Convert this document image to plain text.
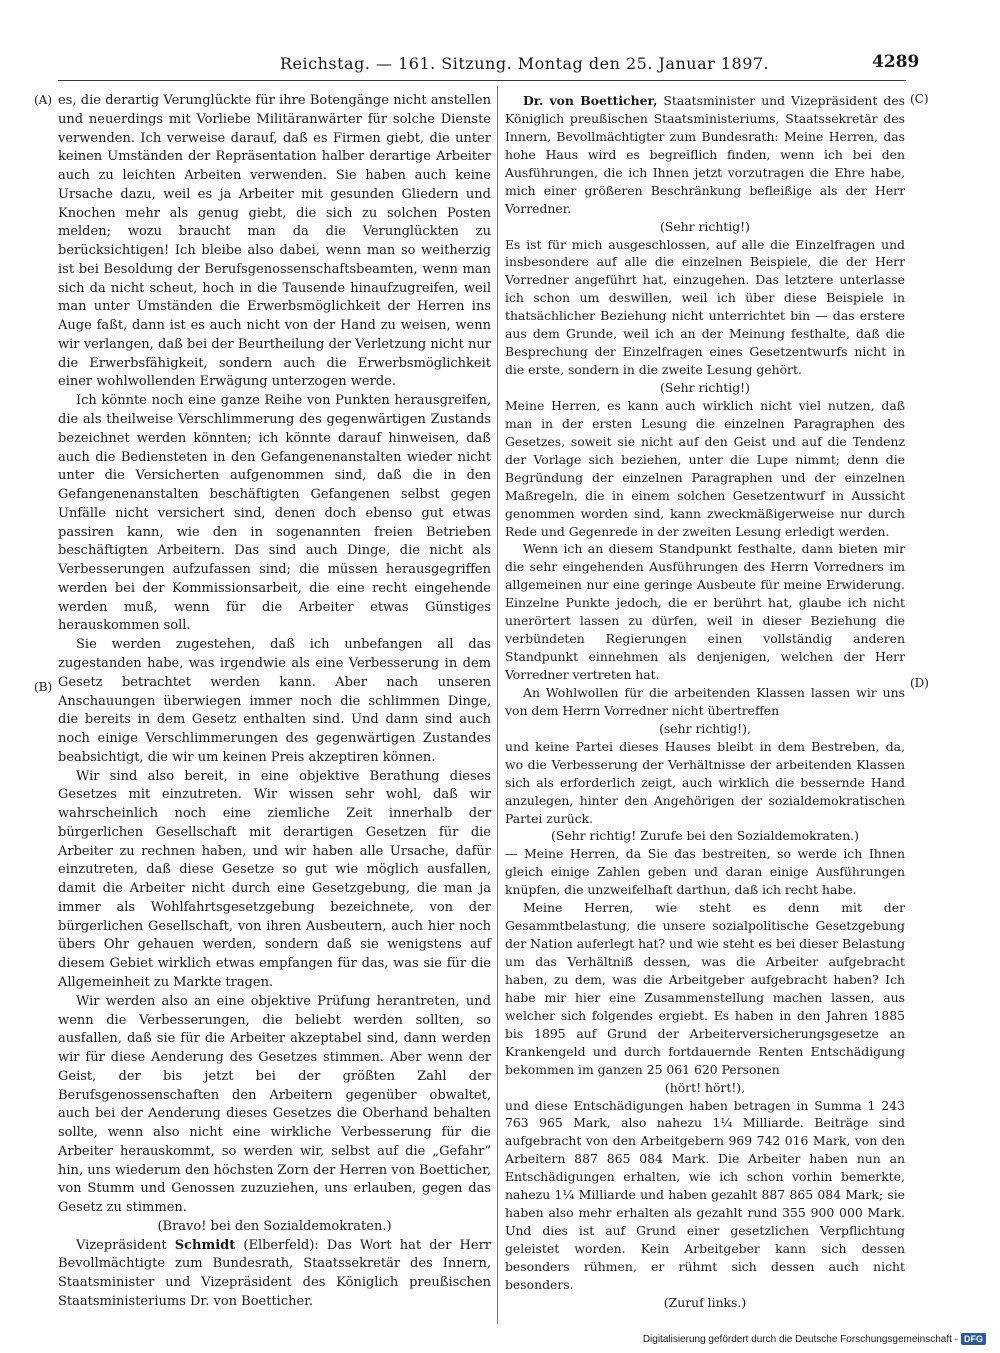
Reichstag. — 161. Sitzung. Montag den 25. Januar 1897.	4289
(A)
(B)
(C)
(D)

es, die derartig Verunglückte für ihre Botengänge nicht anstellen und neuerdings mit Vorliebe Militäranwärter für solche Dienste verwenden. Ich verweise darauf, daß es Firmen giebt, die unter keinen Umständen der Repräsentation halber derartige Arbeiter auch zu leichten Arbeiten verwenden. Sie haben auch keine Ursache dazu, weil es ja Arbeiter mit gesunden Gliedern und Knochen mehr als genug giebt, die sich zu solchen Posten melden; wozu braucht man da die Verunglückten zu berücksichtigen! Ich bleibe also dabei, wenn man so weitherzig ist bei Besoldung der Berufsgenossenschaftsbeamten, wenn man sich da nicht scheut, hoch in die Tausende hinaufzugreifen, weil man unter Umständen die Erwerbsmöglichkeit der Herren ins Auge faßt, dann ist es auch nicht von der Hand zu weisen, wenn wir verlangen, daß bei der Beurtheilung der Verletzung nicht nur die Erwerbsfähigkeit, sondern auch die Erwerbsmöglichkeit einer wohlwollenden Erwägung unterzogen werde.

Ich könnte noch eine ganze Reihe von Punkten herausgreifen, die als theilweise Verschlimmerung des gegenwärtigen Zustands bezeichnet werden könnten; ich könnte darauf hinweisen, daß auch die Bediensteten in den Gefangenenanstalten wieder nicht unter die Versicherten aufgenommen sind, daß die in den Gefangenenanstalten beschäftigten Gefangenen selbst gegen Unfälle nicht versichert sind, denen doch ebenso gut etwas passiren kann, wie den in sogenannten freien Betrieben beschäftigten Arbeitern. Das sind auch Dinge, die nicht als Verbesserungen aufzufassen sind; die müssen herausgegriffen werden bei der Kommissionsarbeit, die eine recht eingehende werden muß, wenn für die Arbeiter etwas Günstiges herauskommen soll.

Sie werden zugestehen, daß ich unbefangen all das zugestanden habe, was irgendwie als eine Verbesserung in dem Gesetz betrachtet werden kann. Aber nach unseren Anschauungen überwiegen immer noch die schlimmen Dinge, die bereits in dem Gesetz enthalten sind. Und dann sind auch noch einige Verschlimmerungen des gegenwärtigen Zustandes beabsichtigt, die wir um keinen Preis akzeptiren können.

Wir sind also bereit, in eine objektive Berathung dieses Gesetzes mit einzutreten. Wir wissen sehr wohl, daß wir wahrscheinlich noch eine ziemliche Zeit innerhalb der bürgerlichen Gesellschaft mit derartigen Gesetzen für die Arbeiter zu rechnen haben, und wir haben alle Ursache, dafür einzutreten, daß diese Gesetze so gut wie möglich ausfallen, damit die Arbeiter nicht durch eine Gesetzgebung, die man ja immer als Wohlfahrtsgesetzgebung bezeichnete, von der bürgerlichen Gesellschaft, von ihren Ausbeutern, auch hier noch übers Ohr gehauen werden, sondern daß sie wenigstens auf diesem Gebiet wirklich etwas empfangen für das, was sie für die Allgemeinheit zu Markte tragen.

Wir werden also an eine objektive Prüfung herantreten, und wenn die Verbesserungen, die beliebt werden sollten, so ausfallen, daß sie für die Arbeiter akzeptabel sind, dann werden wir für diese Aenderung des Gesetzes stimmen. Aber wenn der Geist, der bis jetzt bei der größten Zahl der Berufsgenossenschaften den Arbeitern gegenüber obwaltet, auch bei der Aenderung dieses Gesetzes die Oberhand behalten sollte, wenn also nicht eine wirkliche Verbesserung für die Arbeiter herauskommt, so werden wir, selbst auf die „Gefahr“ hin, uns wiederum den höchsten Zorn der Herren von Boetticher, von Stumm und Genossen zuzuziehen, uns erlauben, gegen das Gesetz zu stimmen.

(Bravo! bei den Sozialdemokraten.)

Vizepräsident Schmidt (Elberfeld): Das Wort hat der Herr Bevollmächtigte zum Bundesrath, Staatssekretär des Innern, Staatsminister und Vizepräsident des Königlich preußischen Staatsministeriums Dr. von Boetticher.

Dr. von Boetticher, Staatsminister und Vizepräsident des Königlich preußischen Staatsministeriums, Staatssekretär des Innern, Bevollmächtigter zum Bundesrath: Meine Herren, das hohe Haus wird es begreiflich finden, wenn ich bei den Ausführungen, die ich Ihnen jetzt vorzutragen die Ehre habe, mich einer größeren Beschränkung befleißige als der Herr Vorredner.

(Sehr richtig!)

Es ist für mich ausgeschlossen, auf alle die Einzelfragen und insbesondere auf alle die einzelnen Beispiele, die der Herr Vorredner angeführt hat, einzugehen. Das letztere unterlasse ich schon um deswillen, weil ich über diese Beispiele in thatsächlicher Beziehung nicht unterrichtet bin — das erstere aus dem Grunde, weil ich an der Meinung festhalte, daß die Besprechung der Einzelfragen eines Gesetzentwurfs nicht in die erste, sondern in die zweite Lesung gehört.

(Sehr richtig!)

Meine Herren, es kann auch wirklich nicht viel nutzen, daß man in der ersten Lesung die einzelnen Paragraphen des Gesetzes, soweit sie nicht auf den Geist und auf die Tendenz der Vorlage sich beziehen, unter die Lupe nimmt; denn die Begründung der einzelnen Paragraphen und der einzelnen Maßregeln, die in einem solchen Gesetzentwurf in Aussicht genommen worden sind, kann zweckmäßigerweise nur durch Rede und Gegenrede in der zweiten Lesung erledigt werden.

Wenn ich an diesem Standpunkt festhalte, dann bieten mir die sehr eingehenden Ausführungen des Herrn Vorredners im allgemeinen nur eine geringe Ausbeute für meine Erwiderung. Einzelne Punkte jedoch, die er berührt hat, glaube ich nicht unerörtert lassen zu dürfen, weil in dieser Beziehung die verbündeten Regierungen einen vollständig anderen Standpunkt einnehmen als denjenigen, welchen der Herr Vorredner vertreten hat.

An Wohlwollen für die arbeitenden Klassen lassen wir uns von dem Herrn Vorredner nicht übertreffen

(sehr richtig!),

und keine Partei dieses Hauses bleibt in dem Bestreben, da, wo die Verbesserung der Verhältnisse der arbeitenden Klassen sich als erforderlich zeigt, auch wirklich die bessernde Hand anzulegen, hinter den Angehörigen der sozialdemokratischen Partei zurück.

(Sehr richtig! Zurufe bei den Sozialdemokraten.)

— Meine Herren, da Sie das bestreiten, so werde ich Ihnen gleich einige Zahlen geben und daran einige Ausführungen knüpfen, die unzweifelhaft darthun, daß ich recht habe.

Meine Herren, wie steht es denn mit der Gesammtbelastung, die unsere sozialpolitische Gesetzgebung der Nation auferlegt hat? und wie steht es bei dieser Belastung um das Verhältniß dessen, was die Arbeiter aufgebracht haben, zu dem, was die Arbeitgeber aufgebracht haben? Ich habe mir hier eine Zusammenstellung machen lassen, aus welcher sich folgendes ergiebt. Es haben in den Jahren 1885 bis 1895 auf Grund der Arbeiterversicherungsgesetze an Krankengeld und durch fortdauernde Renten Entschädigung bekommen im ganzen 25 061 620 Personen

(hört! hört!),

und diese Entschädigungen haben betragen in Summa 1 243 763 965 Mark, also nahezu 1¼ Milliarde. Beiträge sind aufgebracht von den Arbeitgebern 969 742 016 Mark, von den Arbeitern 887 865 084 Mark. Die Arbeiter haben nun an Entschädigungen erhalten, wie ich schon vorhin bemerkte, nahezu 1¼ Milliarde und haben gezahlt 887 865 084 Mark; sie haben also mehr erhalten als gezahlt rund 355 900 000 Mark. Und dies ist auf Grund einer gesetzlichen Verpflichtung geleistet worden. Kein Arbeitgeber kann sich dessen besonders rühmen, er rühmt sich dessen auch nicht besonders.

(Zuruf links.)

Digitalisierung gefördert durch die Deutsche Forschungsgemeinschaft - DFG
